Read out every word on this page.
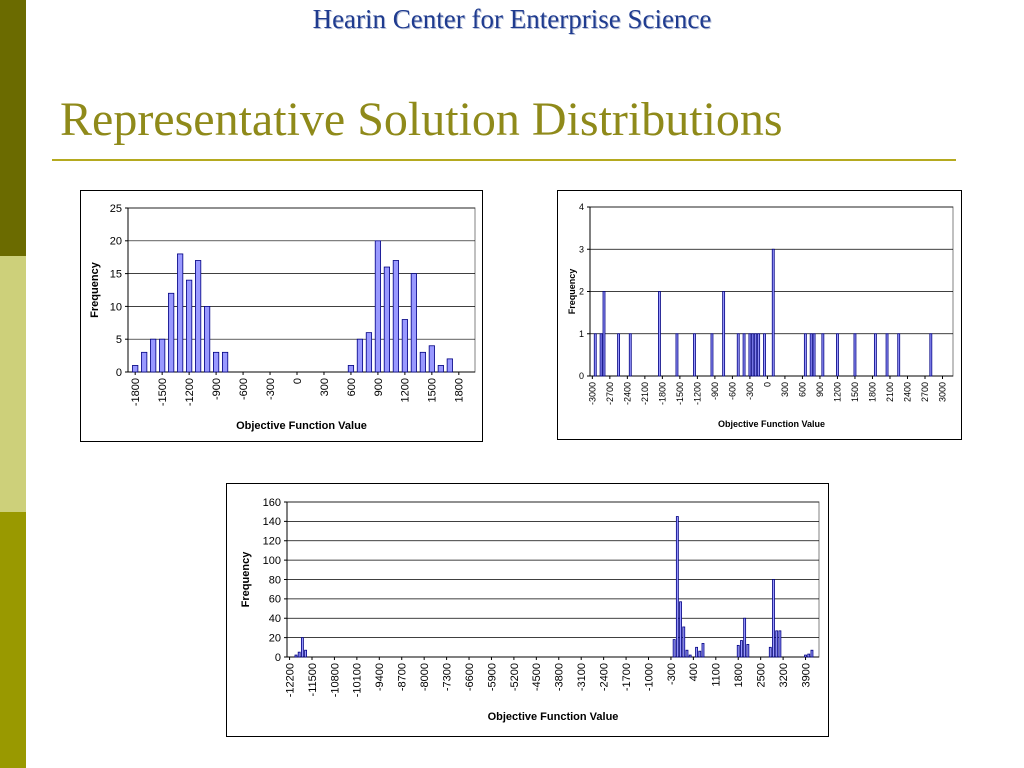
Hearin Center for Enterprise Science
Representative Solution Distributions
0
5
10
15
20
25
-1800 -1500 -1200 -900 -600 -300 0 300 600 900 1200 1500 1800
Objective Function Value
Frequency
0
1
2
3
4
-3000 -2700 -2400 -2100 -1800 -1500 -1200 -900 -600 -300 0 300 600 900 1200 1500 1800 2100 2400 2700 3000
Objective Function Value
Frequency
0
20
40
60
80
100
120
140
160
-12200 -11500 -10800 -10100 -9400 -8700 -8000 -7300 -6600 -5900 -5200 -4500 -3800 -3100 -2400 -1700 -1000 -300 400 1100 1800 2500 3200 3900
Objective Function Value
Frequency
